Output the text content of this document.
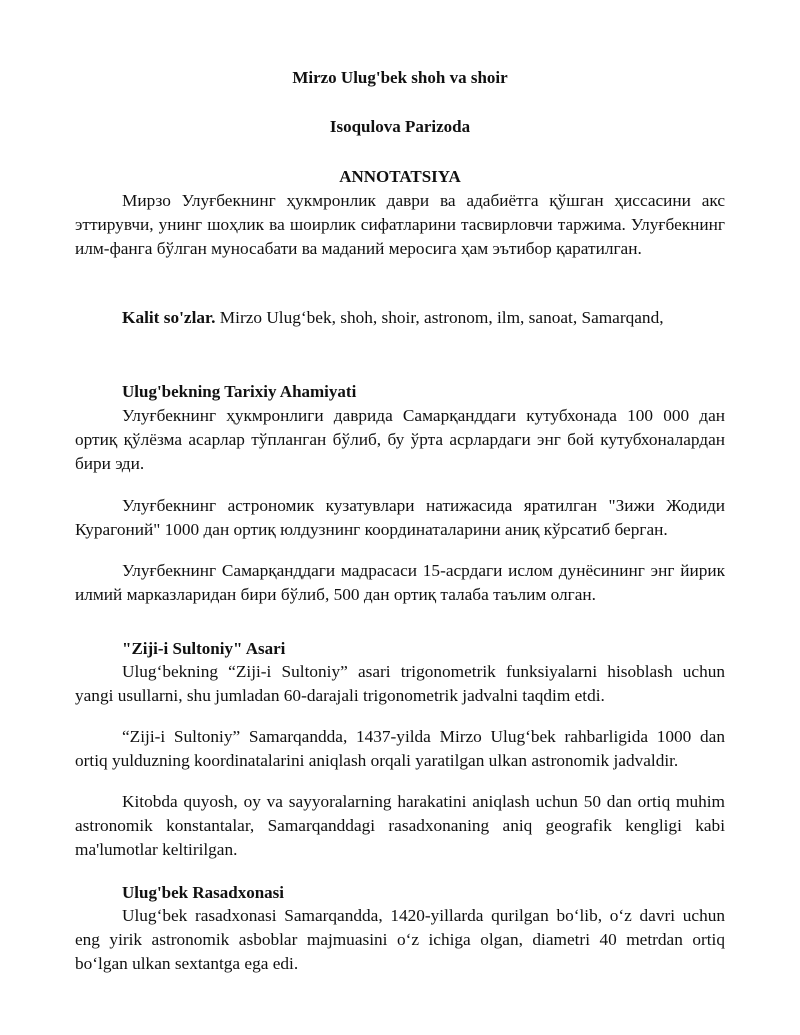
Mirzo Ulug'bek shoh va shoir

Isoqulova Parizoda

ANNOTATSIYA

Мирзо Улуғбекнинг ҳукмронлик даври ва адабиётга қўшган ҳиссасини акс эттирувчи, унинг шоҳлик ва шоирлик сифатларини тасвирловчи таржима. Улуғбекнинг илм-фанга бўлган муносабати ва маданий меросига ҳам эътибор қаратилган.

Kalit so'zlar. Mirzo Ulugʻbek, shoh, shoir, astronom, ilm, sanoat, Samarqand,

Ulug'bekning Tarixiy Ahamiyati

Улуғбекнинг ҳукмронлиги даврида Самарқанддаги кутубхонада 100 000 дан ортиқ қўлёзма асарлар тўпланган бўлиб, бу ўрта асрлардаги энг бой кутубхоналардан бири эди.

Улуғбекнинг астрономик кузатувлари натижасида яратилган "Зижи Жодиди Курагоний" 1000 дан ортиқ юлдузнинг координаталарини аниқ кўрсатиб берган.

Улуғбекнинг Самарқанддаги мадрасаси 15-асрдаги ислом дунёсининг энг йирик илмий марказларидан бири бўлиб, 500 дан ортиқ талаба таълим олган.

"Ziji-i Sultoniy" Asari

Ulugʻbekning “Ziji-i Sultoniy” asari trigonometrik funksiyalarni hisoblash uchun yangi usullarni, shu jumladan 60-darajali trigonometrik jadvalni taqdim etdi.

“Ziji-i Sultoniy” Samarqandda, 1437-yilda Mirzo Ulugʻbek rahbarligida 1000 dan ortiq yulduzning koordinatalarini aniqlash orqali yaratilgan ulkan astronomik jadvaldir.

Kitobda quyosh, oy va sayyoralarning harakatini aniqlash uchun 50 dan ortiq muhim astronomik konstantalar, Samarqanddagi rasadxonaning aniq geografik kengligi kabi ma'lumotlar keltirilgan.

Ulug'bek Rasadxonasi

Ulugʻbek rasadxonasi Samarqandda, 1420-yillarda qurilgan boʻlib, oʻz davri uchun eng yirik astronomik asboblar majmuasini oʻz ichiga olgan, diametri 40 metrdan ortiq boʻlgan ulkan sextantga ega edi.
